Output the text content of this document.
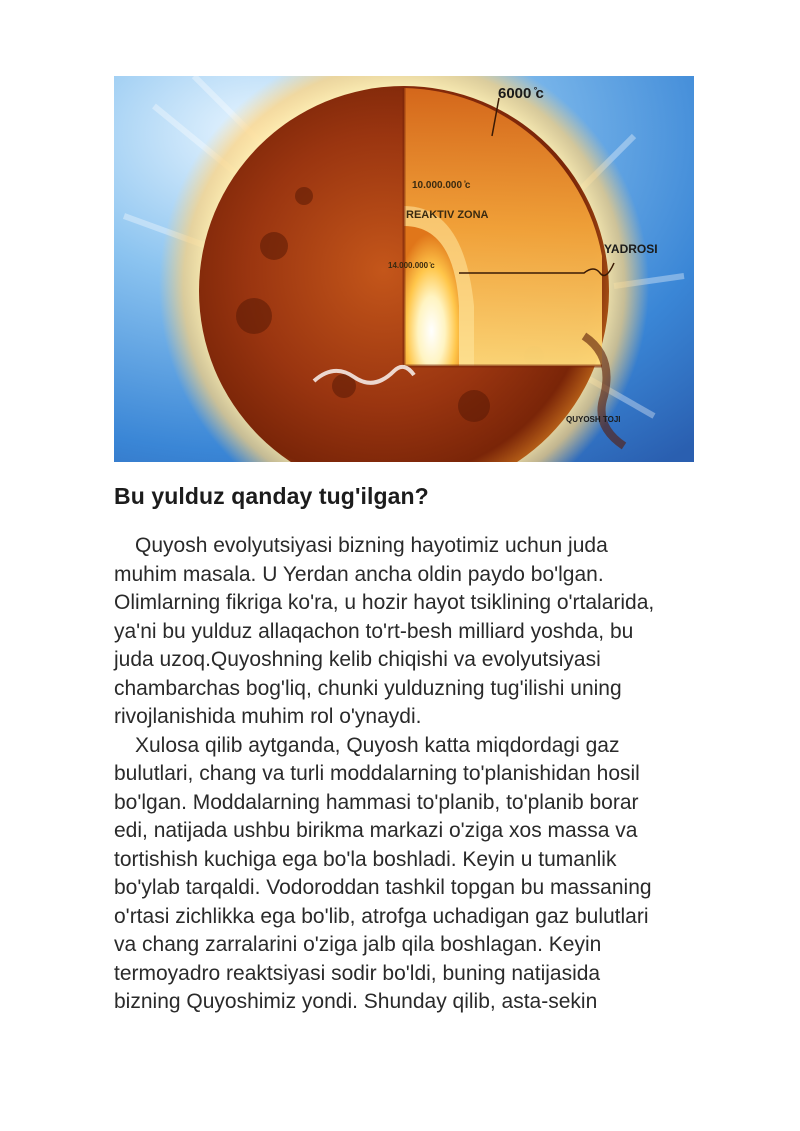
6000 ̊c
10.000.000 ̊c
REAKTIV ZONA
YADROSI
14.000.000 ̊c
QUYOSH TOJI
Bu yulduz qanday tug'ilgan?
Quyosh evolyutsiyasi bizning hayotimiz uchun juda
muhim masala. U Yerdan ancha oldin paydo bo'lgan.
Olimlarning fikriga ko'ra, u hozir hayot tsiklining o'rtalarida,
ya'ni bu yulduz allaqachon to'rt-besh milliard yoshda, bu
juda uzoq.Quyoshning kelib chiqishi va evolyutsiyasi
chambarchas bog'liq, chunki yulduzning tug'ilishi uning
rivojlanishida muhim rol o'ynaydi.
Xulosa qilib aytganda, Quyosh katta miqdordagi gaz
bulutlari, chang va turli moddalarning to'planishidan hosil
bo'lgan. Moddalarning hammasi to'planib, to'planib borar
edi, natijada ushbu birikma markazi o'ziga xos massa va
tortishish kuchiga ega bo'la boshladi. Keyin u tumanlik
bo'ylab tarqaldi. Vodoroddan tashkil topgan bu massaning
o'rtasi zichlikka ega bo'lib, atrofga uchadigan gaz bulutlari
va chang zarralarini o'ziga jalb qila boshlagan. Keyin
termoyadro reaktsiyasi sodir bo'ldi, buning natijasida
bizning Quyoshimiz yondi. Shunday qilib, asta-sekin
